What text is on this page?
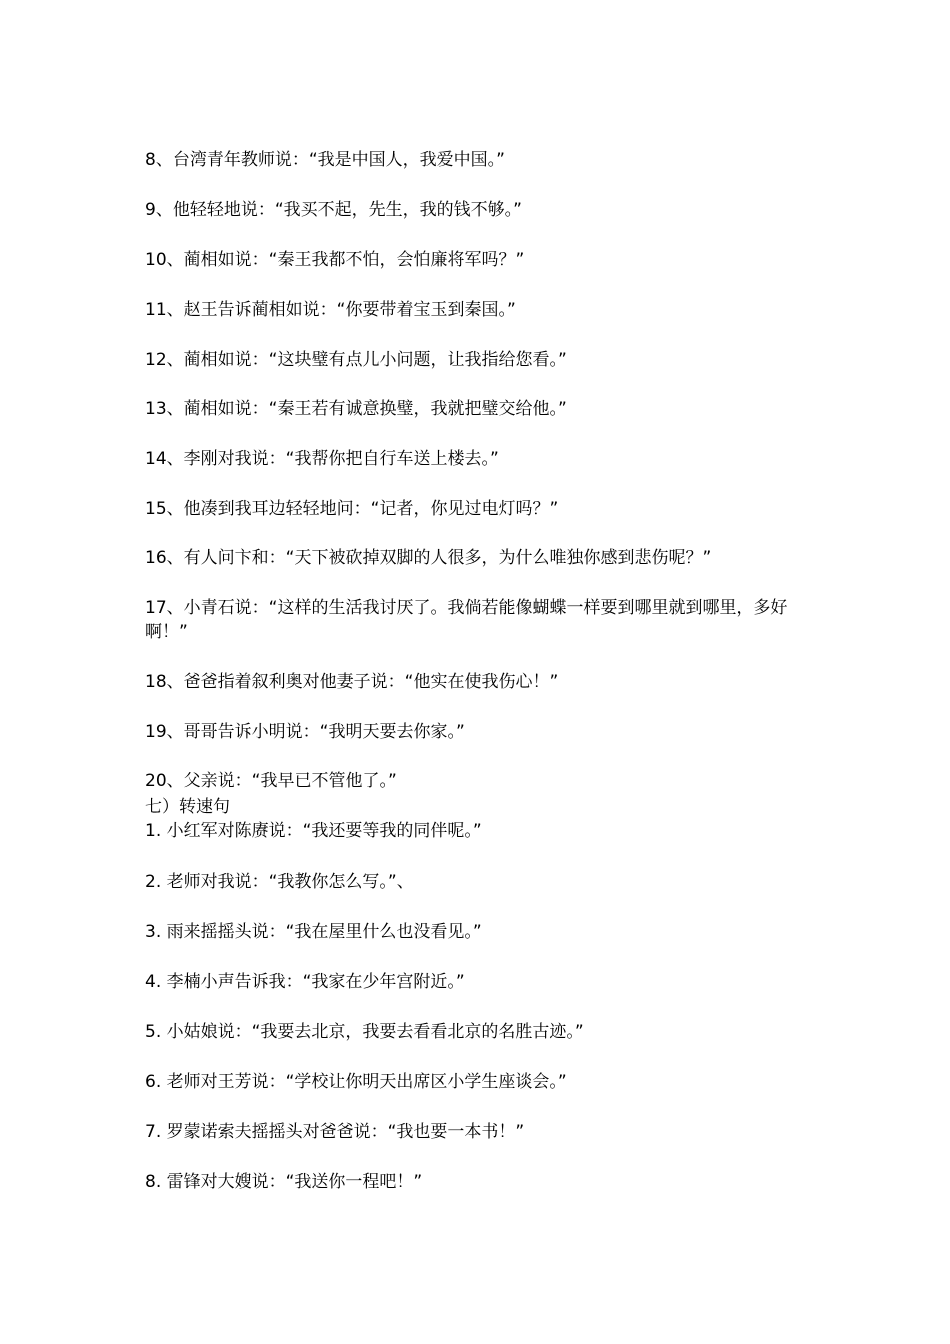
8、台湾青年教师说：“我是中国人，我爱中国。”
9、他轻轻地说：“我买不起，先生，我的钱不够。”
10、蔺相如说：“秦王我都不怕，会怕廉将军吗？”
11、赵王告诉蔺相如说：“你要带着宝玉到秦国。”
12、蔺相如说：“这块璧有点儿小问题，让我指给您看。”
13、蔺相如说：“秦王若有诚意换璧，我就把璧交给他。”
14、李刚对我说：“我帮你把自行车送上楼去。”
15、他凑到我耳边轻轻地问：“记者，你见过电灯吗？”
16、有人问卞和：“天下被砍掉双脚的人很多，为什么唯独你感到悲伤呢？”
17、小青石说：“这样的生活我讨厌了。我倘若能像蝴蝶一样要到哪里就到哪里，多好啊！”
18、爸爸指着叙利奥对他妻子说：“他实在使我伤心！”
19、哥哥告诉小明说：“我明天要去你家。”
20、父亲说：“我早已不管他了。”
七）转速句
1. 小红军对陈赓说：“我还要等我的同伴呢。”
2. 老师对我说：“我教你怎么写。”、
3. 雨来摇摇头说：“我在屋里什么也没看见。”
4. 李楠小声告诉我：“我家在少年宫附近。”
5. 小姑娘说：“我要去北京，我要去看看北京的名胜古迹。”
6. 老师对王芳说：“学校让你明天出席区小学生座谈会。”
7. 罗蒙诺索夫摇摇头对爸爸说：“我也要一本书！”
8. 雷锋对大嫂说：“我送你一程吧！”
